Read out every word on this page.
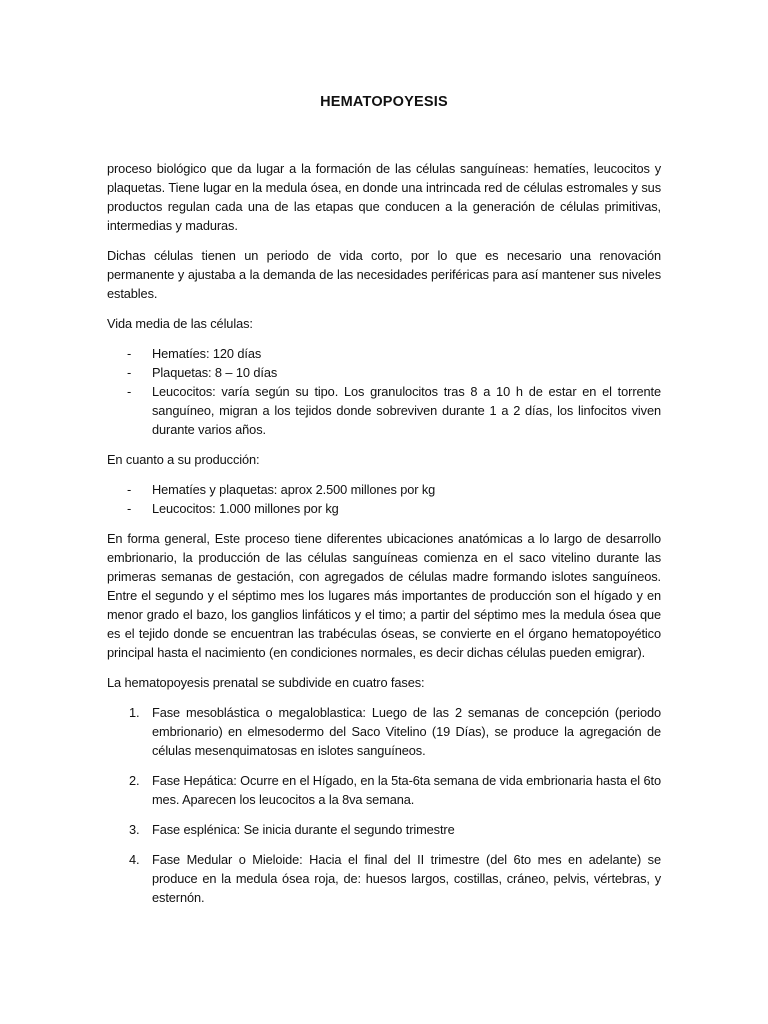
HEMATOPOYESIS

proceso biológico que da lugar a la formación de las células sanguíneas: hematíes, leucocitos y plaquetas. Tiene lugar en la medula ósea, en donde una intrincada red de células estromales y sus productos regulan cada una de las etapas que conducen a la generación de células primitivas, intermedias y maduras.

Dichas células tienen un periodo de vida corto, por lo que es necesario una renovación permanente y ajustaba a la demanda de las necesidades periféricas para así mantener sus niveles estables.

Vida media de las células:

- Hematíes: 120 días
- Plaquetas: 8 – 10 días
- Leucocitos: varía según su tipo. Los granulocitos tras 8 a 10 h de estar en el torrente sanguíneo, migran a los tejidos donde sobreviven durante 1 a 2 días, los linfocitos viven durante varios años.

En cuanto a su producción:

- Hematíes y plaquetas: aprox 2.500 millones por kg
- Leucocitos: 1.000 millones por kg

En forma general, Este proceso tiene diferentes ubicaciones anatómicas a lo largo de desarrollo embrionario, la producción de las células sanguíneas comienza en el saco vitelino durante las primeras semanas de gestación, con agregados de células madre formando islotes sanguíneos. Entre el segundo y el séptimo mes los lugares más importantes de producción son el hígado y en menor grado el bazo, los ganglios linfáticos y el timo; a partir del séptimo mes la medula ósea que es el tejido donde se encuentran las trabéculas óseas, se convierte en el órgano hematopoyético principal hasta el nacimiento (en condiciones normales, es decir dichas células pueden emigrar).

La hematopoyesis prenatal se subdivide en cuatro fases:

1. Fase mesoblástica o megaloblastica: Luego de las 2 semanas de concepción (periodo embrionario) en elmesodermo del Saco Vitelino (19 Días), se produce la agregación de células mesenquimatosas en islotes sanguíneos.
2. Fase Hepática: Ocurre en el Hígado, en la 5ta-6ta semana de vida embrionaria hasta el 6to mes. Aparecen los leucocitos a la 8va semana.
3. Fase esplénica: Se inicia durante el segundo trimestre
4. Fase Medular o Mieloide: Hacia el final del II trimestre (del 6to mes en adelante) se produce en la medula ósea roja, de: huesos largos, costillas, cráneo, pelvis, vértebras, y esternón.
